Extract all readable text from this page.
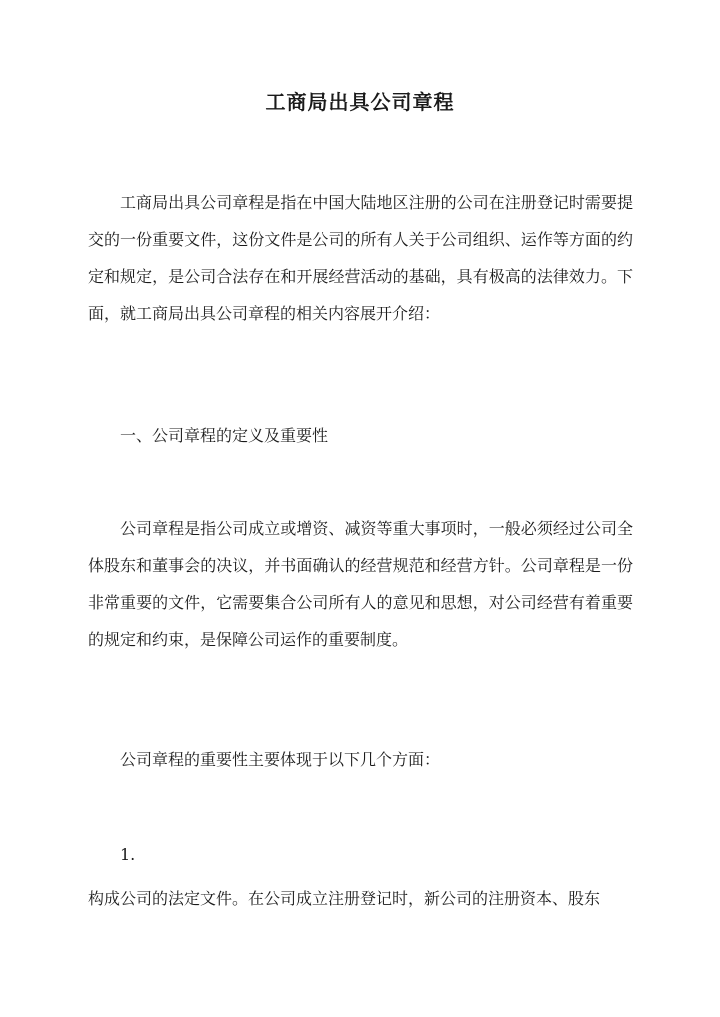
工商局出具公司章程
工商局出具公司章程是指在中国大陆地区注册的公司在注册登记时需要提交的一份重要文件，这份文件是公司的所有人关于公司组织、运作等方面的约定和规定，是公司合法存在和开展经营活动的基础，具有极高的法律效力。下面，就工商局出具公司章程的相关内容展开介绍：
一、公司章程的定义及重要性
公司章程是指公司成立或增资、减资等重大事项时，一般必须经过公司全体股东和董事会的决议，并书面确认的经营规范和经营方针。公司章程是一份非常重要的文件，它需要集合公司所有人的意见和思想，对公司经营有着重要的规定和约束，是保障公司运作的重要制度。
公司章程的重要性主要体现于以下几个方面：
1.
构成公司的法定文件。在公司成立注册登记时，新公司的注册资本、股东
